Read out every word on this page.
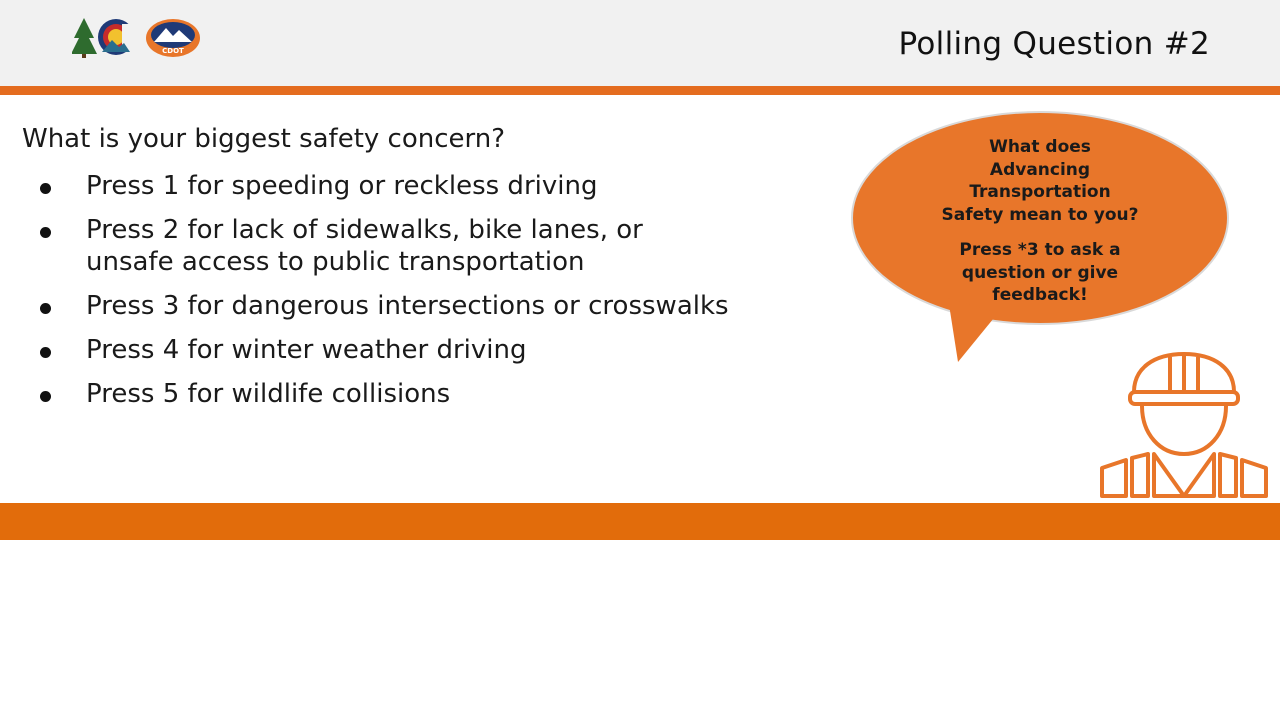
CDOT	Polling Question #2
What is your biggest safety concern?
Press 1 for speeding or reckless driving
Press 2 for lack of sidewalks, bike lanes, or
unsafe access to public transportation
Press 3 for dangerous intersections or crosswalks
Press 4 for winter weather driving
Press 5 for wildlife collisions

What does
Advancing
Transportation
Safety mean to you?

Press *3 to ask a
question or give
feedback!
